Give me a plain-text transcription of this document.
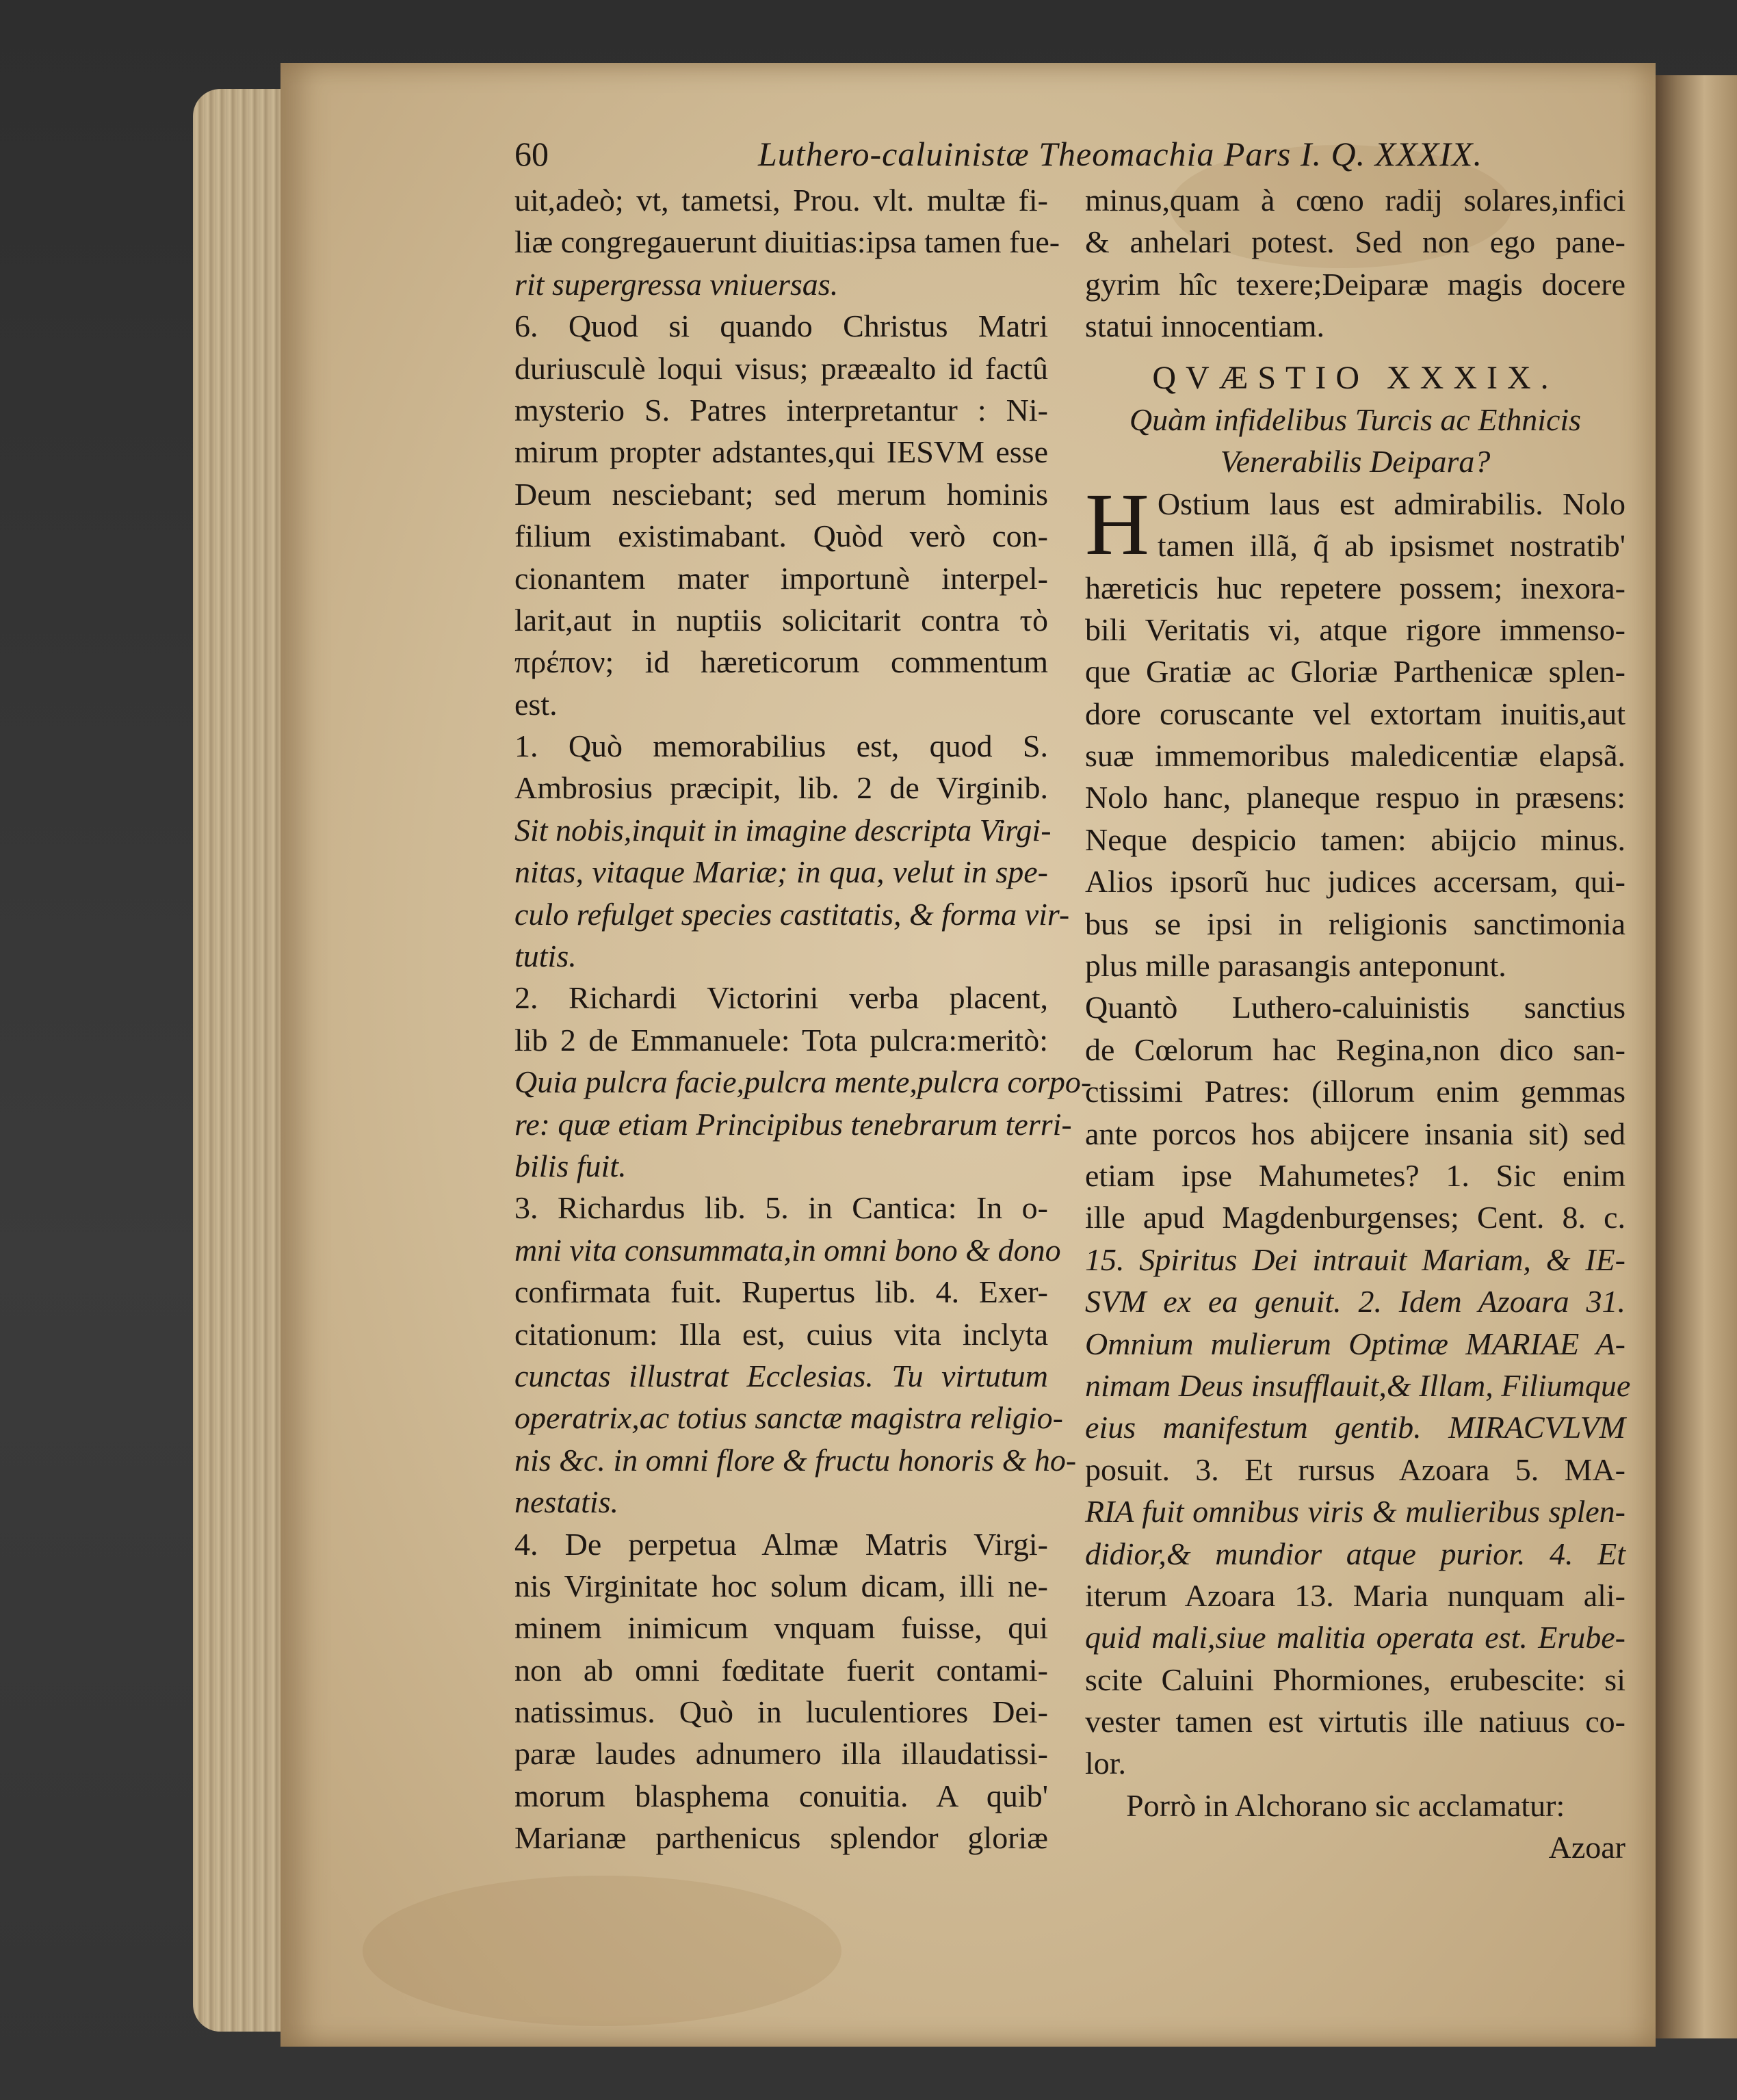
60	Luthero-caluinistæ Theomachia Pars I. Q. XXXIX.
uit,adeò; vt, tametsi, Prou. vlt. multæ fi-
liæ congregauerunt diuitias:ipsa tamen fue-
rit supergressa vniuersas.
6. Quod si quando Christus Matri
duriusculè loqui visus; prææalto id factû
mysterio S. Patres interpretantur : Ni-
mirum propter adstantes,qui IESVM esse
Deum nesciebant; sed merum hominis
filium existimabant. Quòd verò con-
cionantem mater importunè interpel-
larit,aut in nuptiis solicitarit contra τὸ
πρέπον; id hæreticorum commentum
est.
1. Quò memorabilius est, quod S.
Ambrosius præcipit, lib. 2 de Virginib.
Sit nobis,inquit in imagine descripta Virgi-
nitas, vitaque Mariæ; in qua, velut in spe-
culo refulget species castitatis, & forma vir-
tutis.
2. Richardi Victorini verba placent,
lib 2 de Emmanuele: Tota pulcra:meritò:
Quia pulcra facie,pulcra mente,pulcra corpo-
re: quæ etiam Principibus tenebrarum terri-
bilis fuit.
3. Richardus lib. 5. in Cantica: In o-
mni vita consummata,in omni bono & dono
confirmata fuit. Rupertus lib. 4. Exer-
citationum: Illa est, cuius vita inclyta
cunctas illustrat Ecclesias. Tu virtutum
operatrix,ac totius sanctæ magistra religio-
nis &c. in omni flore & fructu honoris & ho-
nestatis.
4. De perpetua Almæ Matris Virgi-
nis Virginitate hoc solum dicam, illi ne-
minem inimicum vnquam fuisse, qui
non ab omni fœditate fuerit contami-
natissimus. Quò in luculentiores Dei-
paræ laudes adnumero illa illaudatissi-
morum blasphema conuitia. A quib'
Marianæ parthenicus splendor gloriæ
minus,quam à cœno radij solares,infici
& anhelari potest. Sed non ego pane-
gyrim hîc texere;Deiparæ magis docere
statui innocentiam.
QVÆSTIO XXXIX.
Quàm infidelibus Turcis ac Ethnicis
Venerabilis Deipara?
H Ostium laus est admirabilis. Nolo
tamen illã, q̃ ab ipsismet nostratib'
hæreticis huc repetere possem; inexora-
bili Veritatis vi, atque rigore immenso-
que Gratiæ ac Gloriæ Parthenicæ splen-
dore coruscante vel extortam inuitis,aut
suæ immemoribus maledicentiæ elapsã.
Nolo hanc, planeque respuo in præsens:
Neque despicio tamen: abijcio minus.
Alios ipsorũ huc judices accersam, qui-
bus se ipsi in religionis sanctimonia
plus mille parasangis anteponunt.
Quantò Luthero-caluinistis sanctius
de Cœlorum hac Regina,non dico san-
ctissimi Patres: (illorum enim gemmas
ante porcos hos abijcere insania sit) sed
etiam ipse Mahumetes? 1. Sic enim
ille apud Magdenburgenses; Cent. 8. c.
15. Spiritus Dei intrauit Mariam, & IE-
SVM ex ea genuit. 2. Idem Azoara 31.
Omnium mulierum Optimæ MARIAE A-
nimam Deus insufflauit,& Illam, Filiumque
eius manifestum gentib. MIRACVLVM
posuit. 3. Et rursus Azoara 5. MA-
RIA fuit omnibus viris & mulieribus splen-
didior,& mundior atque purior. 4. Et
iterum Azoara 13. Maria nunquam ali-
quid mali,siue malitia operata est. Erube-
scite Caluini Phormiones, erubescite: si
vester tamen est virtutis ille natiuus co-
lor.
Porrò in Alchorano sic acclamatur:
Azoar
